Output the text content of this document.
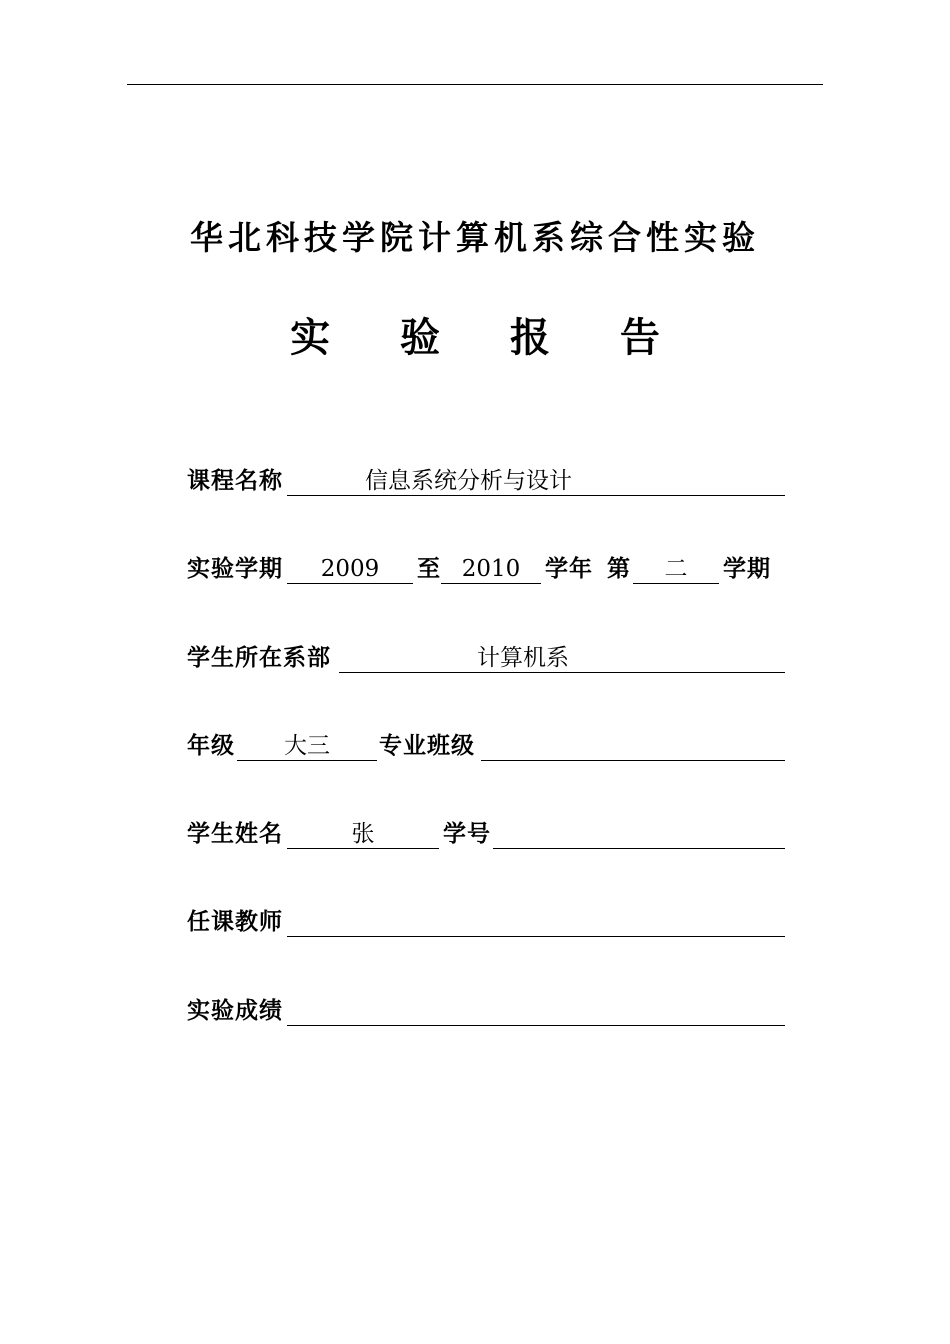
华北科技学院计算机系综合性实验
实 验 报 告
课程名称	信息系统分析与设计
实验学期	2009	至 2010	学年 第	二	学期
学生所在系部	计算机系
年级	大三	专业班级
学生姓名	张	学号
任课教师
实验成绩
